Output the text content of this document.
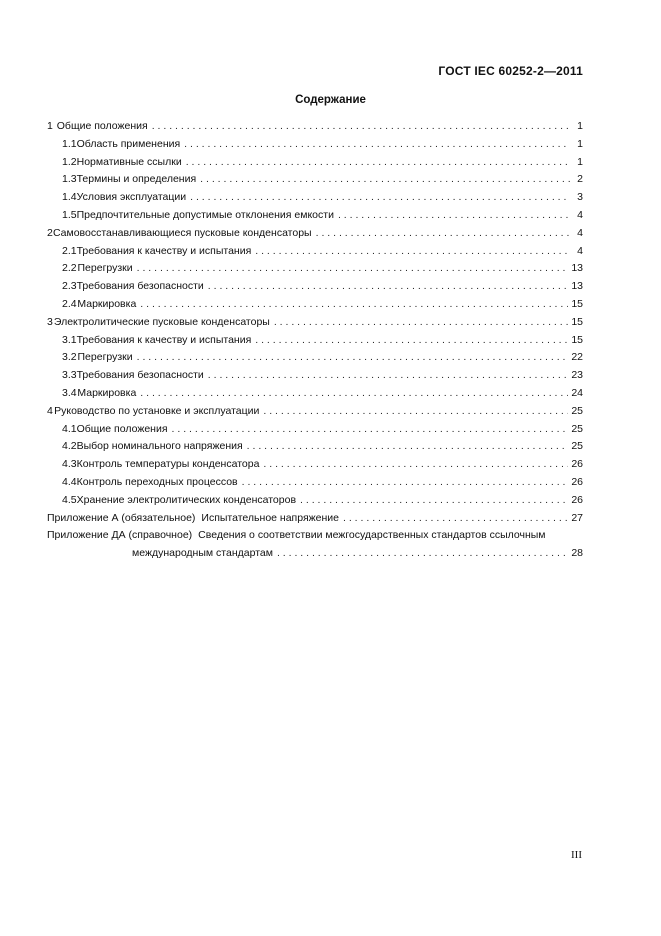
ГОСТ IEC 60252-2—2011
Содержание
1 Общие положения . . .	1
1.1 Область применения . . .	1
1.2 Нормативные ссылки . . .	1
1.3 Термины и определения . . .	2
1.4 Условия эксплуатации . . .	3
1.5 Предпочтительные допустимые отклонения емкости . . .	4
2 Самовосстанавливающиеся пусковые конденсаторы . . .	4
2.1 Требования к качеству и испытания . . .	4
2.2 Перегрузки . . .	13
2.3 Требования безопасности . . .	13
2.4 Маркировка . . .	15
3 Электролитические пусковые конденсаторы . . .	15
3.1 Требования к качеству и испытания . . .	15
3.2 Перегрузки . . .	22
3.3 Требования безопасности . . .	23
3.4 Маркировка . . .	24
4 Руководство по установке и эксплуатации . . .	25
4.1 Общие положения . . .	25
4.2 Выбор номинального напряжения . . .	25
4.3 Контроль температуры конденсатора . . .	26
4.4 Контроль переходных процессов . . .	26
4.5 Хранение электролитических конденсаторов . . .	26
Приложение А (обязательное) Испытательное напряжение . . .	27
Приложение ДА (справочное) Сведения о соответствии межгосударственных стандартов ссылочным
международным стандартам . . .	28
III
